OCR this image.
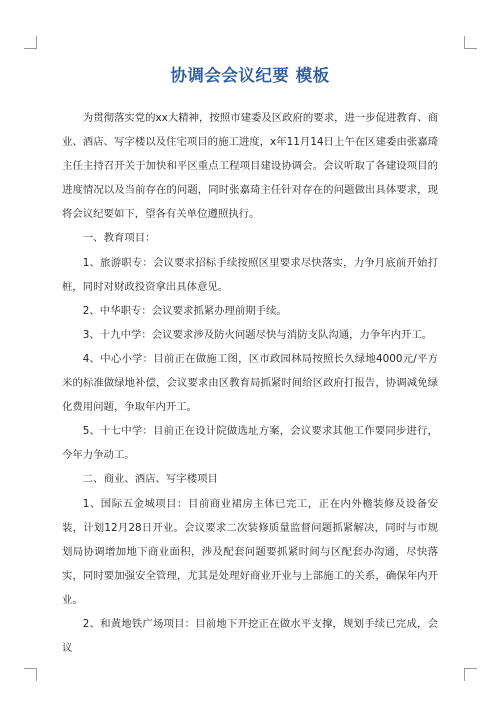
协调会会议纪要 模板

为贯彻落实党的xx大精神，按照市建委及区政府的要求，进一步促进教育、商业、酒店、写字楼以及住宅项目的施工进度，x年11月14日上午在区建委由张嘉琦主任主持召开关于加快和平区重点工程项目建设协调会。会议听取了各建设项目的进度情况以及当前存在的问题，同时张嘉琦主任针对存在的问题做出具体要求，现将会议纪要如下，望各有关单位遵照执行。

一、教育项目：

1、旅游职专：会议要求招标手续按照区里要求尽快落实，力争月底前开始打桩，同时对财政投资拿出具体意见。

2、中华职专：会议要求抓紧办理前期手续。

3、十九中学：会议要求涉及防火问题尽快与消防支队沟通，力争年内开工。

4、中心小学：目前正在做施工图，区市政园林局按照长久绿地4000元/平方米的标准做绿地补偿，会议要求由区教育局抓紧时间给区政府打报告，协调减免绿化费用问题，争取年内开工。

5、十七中学：目前正在设计院做选址方案，会议要求其他工作要同步进行，今年力争动工。

二、商业、酒店、写字楼项目

1、国际五金城项目：目前商业裙房主体已完工，正在内外檐装修及设备安装，计划12月28日开业。会议要求二次装修质量监督问题抓紧解决，同时与市规划局协调增加地下商业面积，涉及配套问题要抓紧时间与区配套办沟通，尽快落实，同时要加强安全管理，尤其是处理好商业开业与上部施工的关系，确保年内开业。

2、和黄地铁广场项目：目前地下开挖正在做水平支撑，规划手续已完成，会议
